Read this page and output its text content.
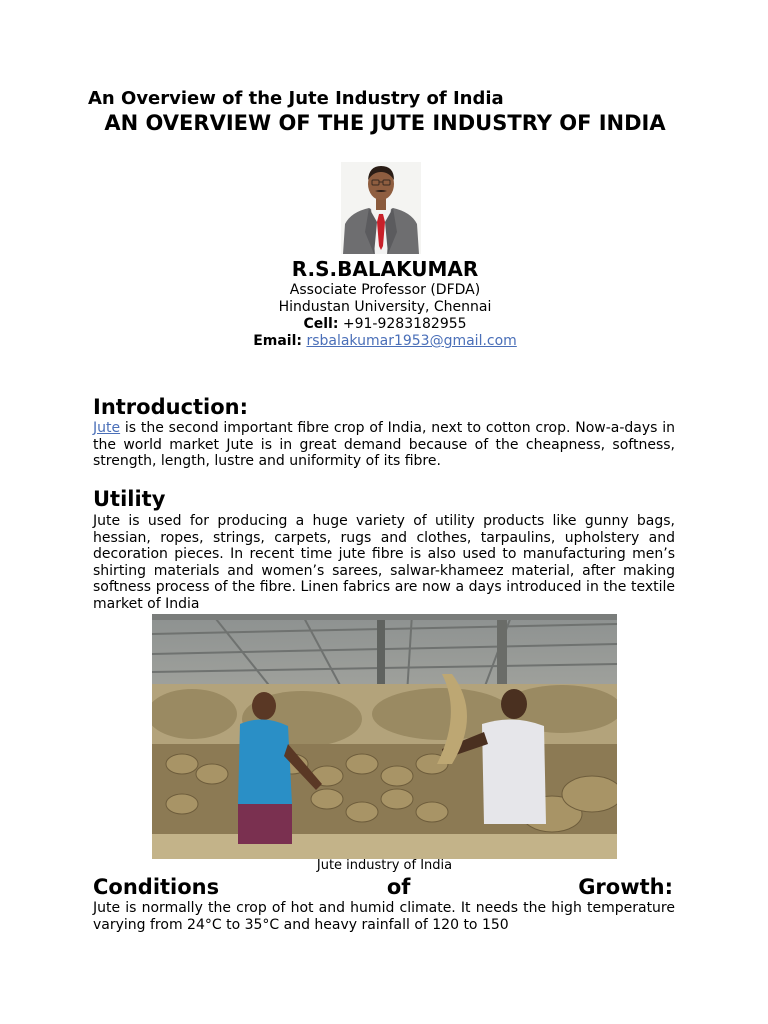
An Overview of the Jute Industry of India
AN OVERVIEW OF THE JUTE INDUSTRY OF INDIA
R.S.BALAKUMAR
Associate Professor (DFDA)
Hindustan University, Chennai
Cell: +91-9283182955
Email: rsbalakumar1953@gmail.com
Introduction:

Jute is the second important fibre crop of India, next to cotton crop. Now-a-days in the world market Jute is in great demand because of the cheapness, softness, strength, length, lustre and uniformity of its fibre.

Utility

Jute is used for producing a huge variety of utility products like gunny bags, hessian, ropes, strings, carpets, rugs and clothes, tarpaulins, upholstery and decoration pieces. In recent time jute fibre is also used to manufacturing men’s shirting materials and women’s sarees, salwar-khameez material, after making softness process of the fibre. Linen fabrics are now a days introduced in the textile market of India

Jute industry of India
Conditions	of	Growth:

Jute is normally the crop of hot and humid climate. It needs the high temperature varying from 24°C to 35°C and heavy rainfall of 120 to 150
